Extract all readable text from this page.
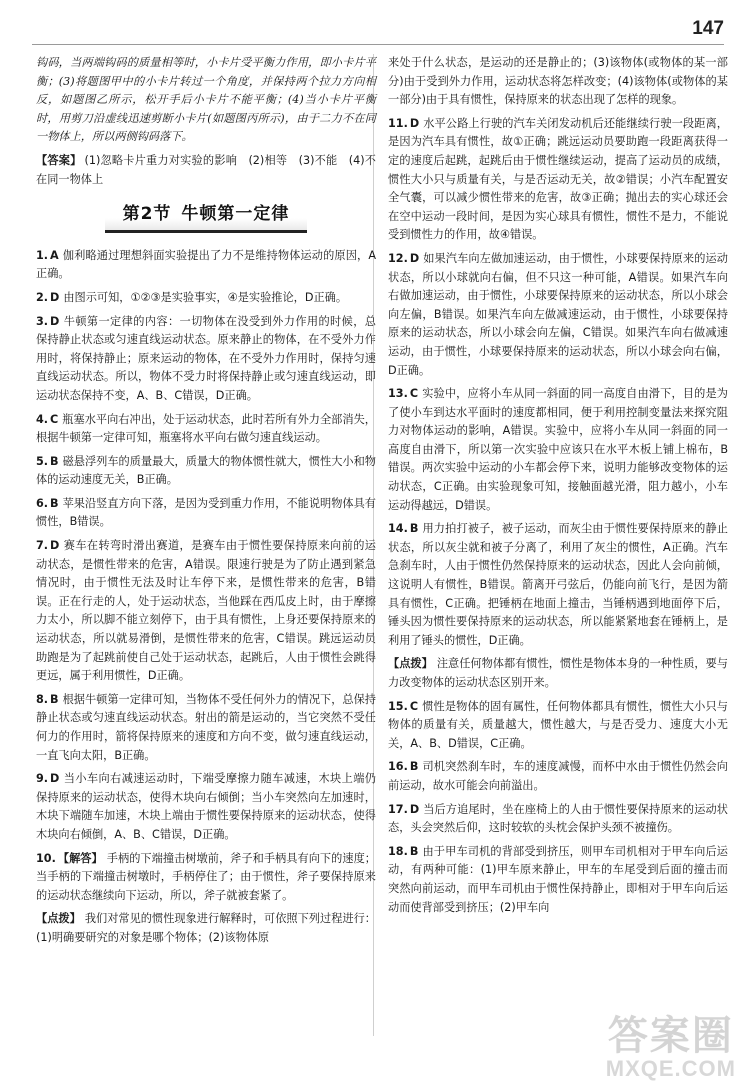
147

钩码，当两端钩码的质量相等时，小卡片受平衡力作用，即小卡片平衡；(3)将题图甲中的小卡片转过一个角度，并保持两个拉力方向相反，如题图乙所示，松开手后小卡片不能平衡；(4)当小卡片平衡时，用剪刀沿虚线迅速剪断小卡片(如题图丙所示)，由于二力不在同一物体上，所以两侧钩码落下。

【答案】 (1)忽略卡片重力对实验的影响　(2)相等　(3)不能　(4)不在同一物体上

第2节 牛顿第一定律

1. A 伽利略通过理想斜面实验提出了力不是维持物体运动的原因，A正确。

2. D 由图示可知，①②③是实验事实，④是实验推论，D正确。

3. D 牛顿第一定律的内容：一切物体在没受到外力作用的时候，总保持静止状态或匀速直线运动状态。原来静止的物体，在不受外力作用时，将保持静止；原来运动的物体，在不受外力作用时，保持匀速直线运动状态。所以，物体不受力时将保持静止或匀速直线运动，即运动状态保持不变，A、B、C错误，D正确。

4. C 瓶塞水平向右冲出，处于运动状态，此时若所有外力全部消失，根据牛顿第一定律可知，瓶塞将水平向右做匀速直线运动。

5. B 磁悬浮列车的质量最大，质量大的物体惯性就大，惯性大小和物体的运动速度无关，B正确。

6. B 苹果沿竖直方向下落，是因为受到重力作用，不能说明物体具有惯性，B错误。

7. D 赛车在转弯时滑出赛道，是赛车由于惯性要保持原来向前的运动状态，是惯性带来的危害，A错误。限速行驶是为了防止遇到紧急情况时，由于惯性无法及时让车停下来，是惯性带来的危害，B错误。正在行走的人，处于运动状态，当他踩在西瓜皮上时，由于摩擦力太小，所以脚不能立刻停下，由于具有惯性，上身还要保持原来的运动状态，所以就易滑倒，是惯性带来的危害，C错误。跳远运动员助跑是为了起跳前使自己处于运动状态，起跳后，人由于惯性会跳得更远，属于利用惯性，D正确。

8. B 根据牛顿第一定律可知，当物体不受任何外力的情况下，总保持静止状态或匀速直线运动状态。射出的箭是运动的，当它突然不受任何力的作用时，箭将保持原来的速度和方向不变，做匀速直线运动，一直飞向太阳，B正确。

9. D 当小车向右减速运动时，下端受摩擦力随车减速，木块上端仍保持原来的运动状态，使得木块向右倾倒；当小车突然向左加速时，木块下端随车加速，木块上端由于惯性要保持原来的运动状态，使得木块向右倾倒，A、B、C错误，D正确。

10. 【解答】 手柄的下端撞击树墩前，斧子和手柄具有向下的速度；当手柄的下端撞击树墩时，手柄停住了；由于惯性，斧子要保持原来的运动状态继续向下运动，所以，斧子就被套紧了。

【点拨】 我们对常见的惯性现象进行解释时，可依照下列过程进行：(1)明确要研究的对象是哪个物体；(2)该物体原

来处于什么状态，是运动的还是静止的；(3)该物体(或物体的某一部分)由于受到外力作用，运动状态将怎样改变；(4)该物体(或物体的某一部分)由于具有惯性，保持原来的状态出现了怎样的现象。

11. D 水平公路上行驶的汽车关闭发动机后还能继续行驶一段距离，是因为汽车具有惯性，故①正确；跳远运动员要助跑一段距离获得一定的速度后起跳，起跳后由于惯性继续运动，提高了运动员的成绩，惯性大小只与质量有关，与是否运动无关，故②错误；小汽车配置安全气囊，可以减少惯性带来的危害，故③正确；抛出去的实心球还会在空中运动一段时间，是因为实心球具有惯性，惯性不是力，不能说受到惯性力的作用，故④错误。

12. D 如果汽车向左做加速运动，由于惯性，小球要保持原来的运动状态，所以小球就向右偏，但不只这一种可能，A错误。如果汽车向右做加速运动，由于惯性，小球要保持原来的运动状态，所以小球会向左偏，B错误。如果汽车向左做减速运动，由于惯性，小球要保持原来的运动状态，所以小球会向左偏，C错误。如果汽车向右做减速运动，由于惯性，小球要保持原来的运动状态，所以小球会向右偏，D正确。

13. C 实验中，应将小车从同一斜面的同一高度自由滑下，目的是为了使小车到达水平面时的速度都相同，便于利用控制变量法来探究阻力对物体运动的影响，A错误。实验中，应将小车从同一斜面的同一高度自由滑下，所以第一次实验中应该只在水平木板上铺上棉布，B错误。两次实验中运动的小车都会停下来，说明力能够改变物体的运动状态，C正确。由实验现象可知，接触面越光滑，阻力越小，小车运动得越远，D错误。

14. B 用力拍打被子，被子运动，而灰尘由于惯性要保持原来的静止状态，所以灰尘就和被子分离了，利用了灰尘的惯性，A正确。汽车急刹车时，人由于惯性仍然保持原来的运动状态，因此人会向前倾，这说明人有惯性，B错误。箭离开弓弦后，仍能向前飞行，是因为箭具有惯性，C正确。把锤柄在地面上撞击，当锤柄遇到地面停下后，锤头因为惯性要保持原来的运动状态，所以能紧紧地套在锤柄上，是利用了锤头的惯性，D正确。

【点拨】 注意任何物体都有惯性，惯性是物体本身的一种性质，要与力改变物体的运动状态区别开来。

15. C 惯性是物体的固有属性，任何物体都具有惯性，惯性大小只与物体的质量有关，质量越大，惯性越大，与是否受力、速度大小无关，A、B、D错误，C正确。

16. B 司机突然刹车时，车的速度减慢，而杯中水由于惯性仍然会向前运动，故水可能会向前溢出。

17. D 当后方追尾时，坐在座椅上的人由于惯性要保持原来的运动状态，头会突然后仰，这时较软的头枕会保护头颈不被撞伤。

18. B 由于甲车司机的背部受到挤压，则甲车司机相对于甲车向后运动，有两种可能：(1)甲车原来静止，甲车的车尾受到后面的撞击而突然向前运动，而甲车司机由于惯性保持静止，即相对于甲车向后运动而使背部受到挤压；(2)甲车向

答案圈
MXQE.COM
